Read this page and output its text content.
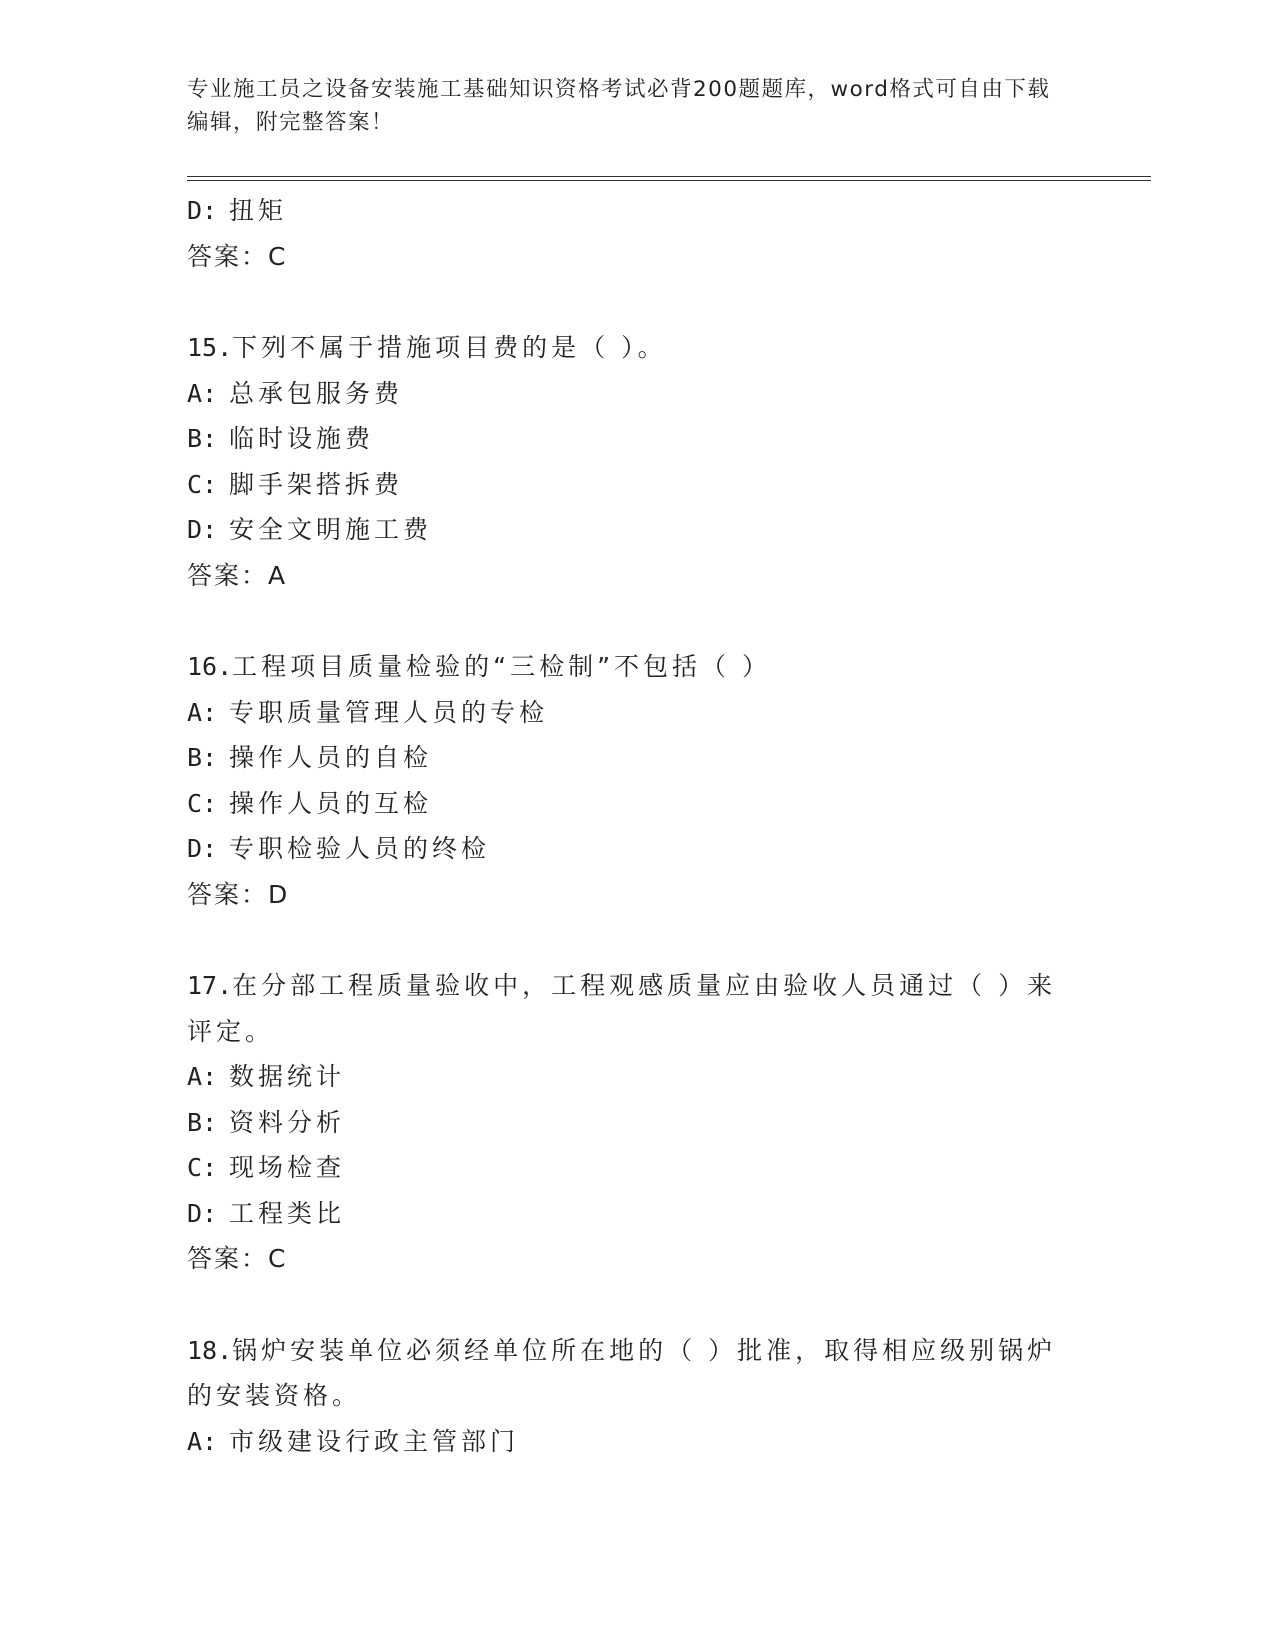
专业施工员之设备安装施工基础知识资格考试必背200题题库，word格式可自由下载编辑，附完整答案！
D: 扭矩
答案：C
15.下列不属于措施项目费的是（ ）。
A: 总承包服务费
B: 临时设施费
C: 脚手架搭拆费
D: 安全文明施工费
答案：A
16.工程项目质量检验的“三检制”不包括（ ）
A: 专职质量管理人员的专检
B: 操作人员的自检
C: 操作人员的互检
D: 专职检验人员的终检
答案：D
17.在分部工程质量验收中，工程观感质量应由验收人员通过（ ）来评定。
A: 数据统计
B: 资料分析
C: 现场检查
D: 工程类比
答案：C
18.锅炉安装单位必须经单位所在地的（ ）批准，取得相应级别锅炉的安装资格。
A: 市级建设行政主管部门
